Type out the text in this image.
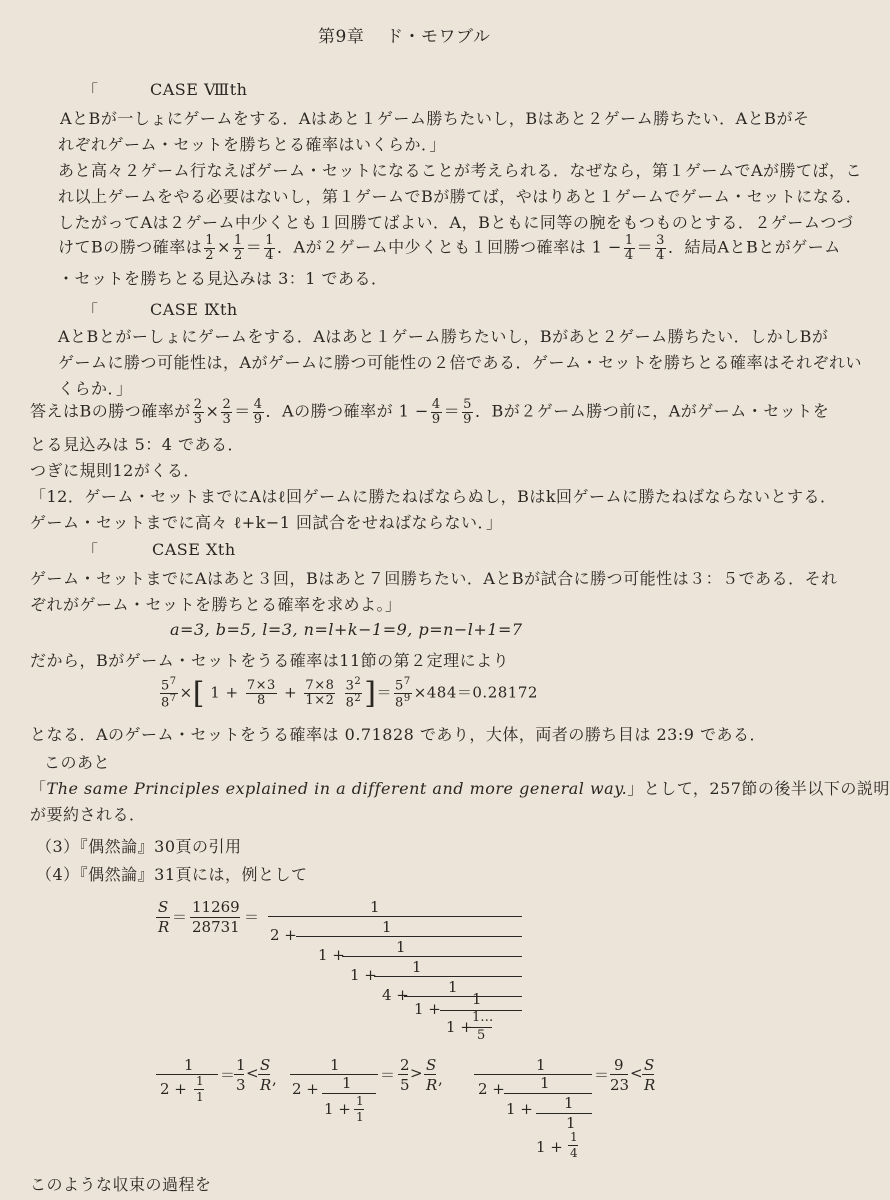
第9章 ド・モワブル
「	CASE Ⅷth
AとBが一しょにゲームをする．Aはあと１ゲーム勝ちたいし，Bはあと２ゲーム勝ちたい．AとBがそ
れぞれゲーム・セットを勝ちとる確率はいくらか．」
あと高々２ゲーム行なえばゲーム・セットになることが考えられる．なぜなら，第１ゲームでAが勝てば，こ
れ以上ゲームをやる必要はないし，第１ゲームでBが勝てば，やはりあと１ゲームでゲーム・セットになる．
したがってAは２ゲーム中少くとも１回勝てばよい．A，Bともに同等の腕をもつものとする．２ゲームつづ
けてBの勝つ確率は $\frac{1}{2} \times \frac{1}{2} = \frac{1}{4}$ ．Aが２ゲーム中少くとも１回勝つ確率は $1 - \frac{1}{4} = \frac{3}{4}$ ．結局AとBとがゲーム
・セットを勝ちとる見込みは 3：1 である．
「	CASE Ⅸth
AとBとがーしょにゲームをする．Aはあと１ゲーム勝ちたいし，Bがあと２ゲーム勝ちたい．しかしBが
ゲームに勝つ可能性は，Aがゲームに勝つ可能性の２倍である．ゲーム・セットを勝ちとる確率はそれぞれい
くらか．」
答えはBの勝つ確率が $\frac{2}{3} \times \frac{2}{3} = \frac{4}{9}$ ．Aの勝つ確率が $1 - \frac{4}{9} = \frac{5}{9}$ ．Bが２ゲーム勝つ前に，Aがゲーム・セットを
とる見込みは 5：4 である．
つぎに規則12がくる．
「12．ゲーム・セットまでにAはℓ回ゲームに勝たねばならぬし，Bはk回ゲームに勝たねばならないとする．
ゲーム・セットまでに高々 ℓ+k−1 回試合をせねばならない．」
「	CASE Ⅹth
ゲーム・セットまでにAはあと３回，Bはあと７回勝ちたい．AとBが試合に勝つ可能性は３：５である．それ
ぞれがゲーム・セットを勝ちとる確率を求めよ。」
a=3, b=5, l=3, n=l+k−1=9, p=n−l+1=7
だから，Bがゲーム・セットをうる確率は11節の第２定理により
$\frac{5^7}{8^7}$ ×[ $1 + \frac{7\times 3}{8} + \frac{7\times 8}{1\times 2}$
$\frac{3^2}{8^2}$ ]＝ $\frac{5^7}{8^9} \times 484=0.28172$
となる．Aのゲーム・セットをうる確率は 0.71828 であり，大体，両者の勝ち目は 23:9 である．
このあと
「The same Principles explained in a different and more general way.」として，257節の後半以下の説明
が要約される．
（3）『偶然論』30頁の引用
（4）『偶然論』31頁には，例として
S
R
＝
11269
28731
＝
1
2 +	1
1 +	1
1 + 1
4 +	1
1 +
1
1 +
1…
5
1
2 + 1
1
＝
1
3
< S
R ,
1
2 + 1
1 + 1
1
＝
2
5
> S
R ,
1
2 + 1
1 + 1
1
1 +
1
4
＝
9
23
< S
R
このような収束の過程を
